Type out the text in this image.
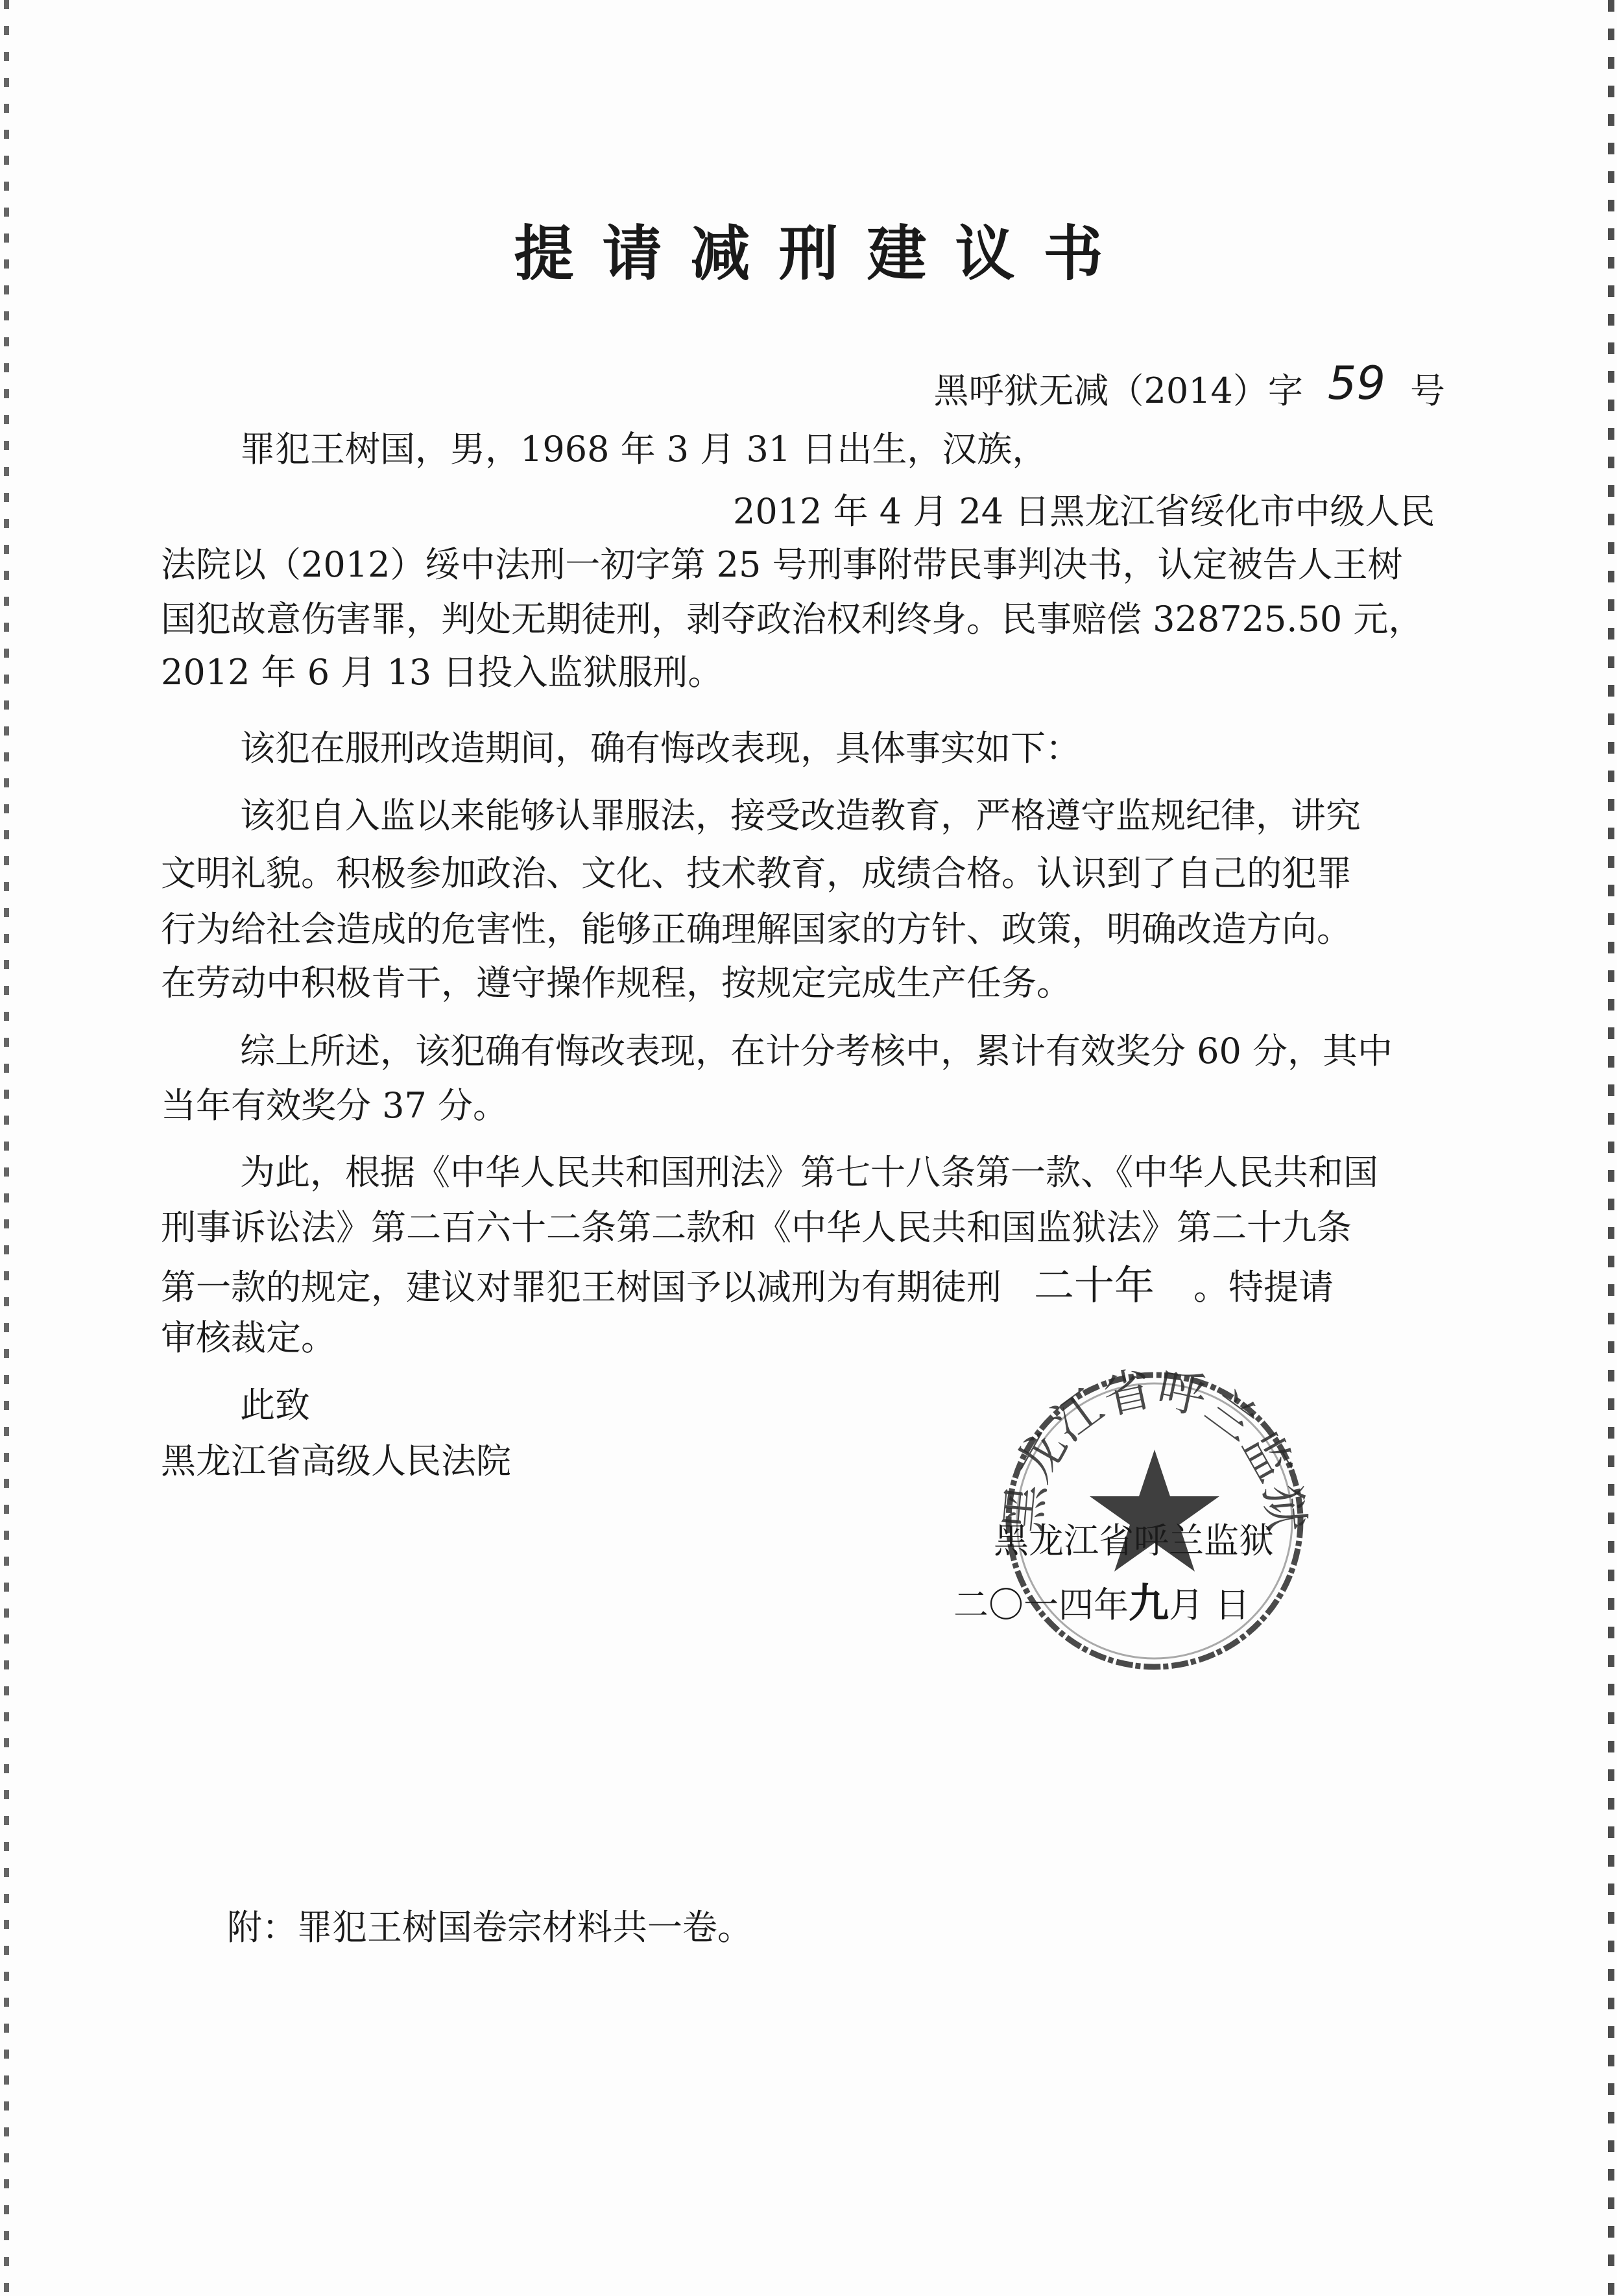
提请减刑建议书
黑呼狱无减（2014）字 59 号
罪犯王树国，男，1968 年 3 月 31 日出生，汉族，
2012 年 4 月 24 日黑龙江省绥化市中级人民
法院以（2012）绥中法刑一初字第 25 号刑事附带民事判决书，认定被告人王树
国犯故意伤害罪，判处无期徒刑，剥夺政治权利终身。民事赔偿 328725.50 元，
2012 年 6 月 13 日投入监狱服刑。
该犯在服刑改造期间，确有悔改表现，具体事实如下：
该犯自入监以来能够认罪服法，接受改造教育，严格遵守监规纪律，讲究
文明礼貌。积极参加政治、文化、技术教育，成绩合格。认识到了自己的犯罪
行为给社会造成的危害性，能够正确理解国家的方针、政策，明确改造方向。
在劳动中积极肯干，遵守操作规程，按规定完成生产任务。
综上所述，该犯确有悔改表现，在计分考核中，累计有效奖分 60 分，其中
当年有效奖分 37 分。
为此，根据《中华人民共和国刑法》第七十八条第一款、《中华人民共和国
刑事诉讼法》第二百六十二条第二款和《中华人民共和国监狱法》第二十九条
第一款的规定，建议对罪犯王树国予以减刑为有期徒刑 二十年 。特提请
审核裁定。
此致
黑龙江省高级人民法院
黑龙江省呼兰监狱
黑龙江省呼兰监狱
二〇一四年九月 日
附：罪犯王树国卷宗材料共一卷。
